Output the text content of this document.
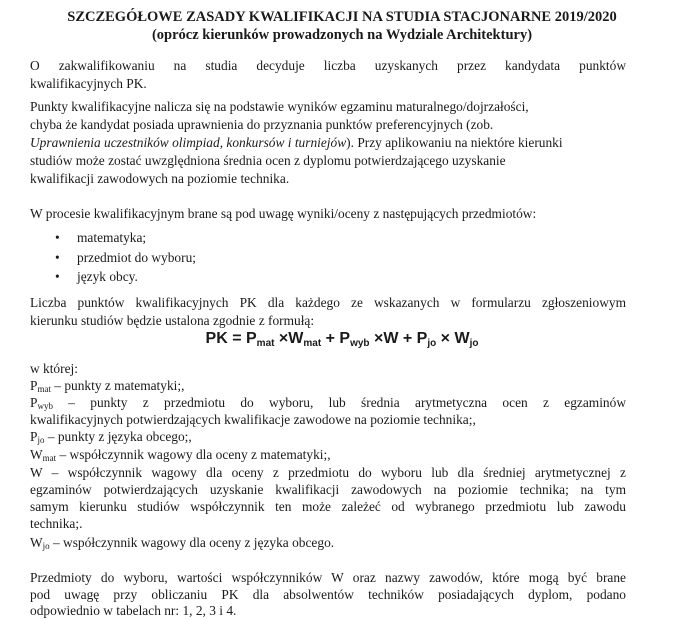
SZCZEGÓŁOWE ZASADY KWALIFIKACJI NA STUDIA STACJONARNE 2019/2020
(oprócz kierunków prowadzonych na Wydziale Architektury)
O zakwalifikowaniu na studia decyduje liczba uzyskanych przez kandydata punktów
kwalifikacyjnych PK.
Punkty kwalifikacyjne nalicza się na podstawie wyników egzaminu maturalnego/dojrzałości,
chyba że kandydat posiada uprawnienia do przyznania punktów preferencyjnych (zob.
Uprawnienia uczestników olimpiad, konkursów i turniejów). Przy aplikowaniu na niektóre kierunki
studiów może zostać uwzględniona średnia ocen z dyplomu potwierdzającego uzyskanie
kwalifikacji zawodowych na poziomie technika.
W procesie kwalifikacyjnym brane są pod uwagę wyniki/oceny z następujących przedmiotów:
• matematyka;
• przedmiot do wyboru;
• język obcy.
Liczba punktów kwalifikacyjnych PK dla każdego ze wskazanych w formularzu zgłoszeniowym
kierunku studiów będzie ustalona zgodnie z formułą:
PK = $P_{mat} \times W_{mat} + P_{wyb} \times W + P_{jo} \times W_{jo}$
w której:
$P_{mat}$ – punkty z matematyki;,
$P_{wyb}$ – punkty z przedmiotu do wyboru, lub średnia arytmetyczna ocen z egzaminów
kwalifikacyjnych potwierdzających kwalifikacje zawodowe na poziomie technika;,
$P_{jo}$ – punkty z języka obcego;,
$W_{mat}$ – współczynnik wagowy dla oceny z matematyki;,
W – współczynnik wagowy dla oceny z przedmiotu do wyboru lub dla średniej arytmetycznej z
egzaminów potwierdzających uzyskanie kwalifikacji zawodowych na poziomie technika; na tym
samym kierunku studiów współczynnik ten może zależeć od wybranego przedmiotu lub zawodu
technika;.
$W_{jo}$ – współczynnik wagowy dla oceny z języka obcego.
Przedmioty do wyboru, wartości współczynników W oraz nazwy zawodów, które mogą być brane
pod uwagę przy obliczaniu PK dla absolwentów techników posiadających dyplom, podano
odpowiednio w tabelach nr: 1, 2, 3 i 4.
